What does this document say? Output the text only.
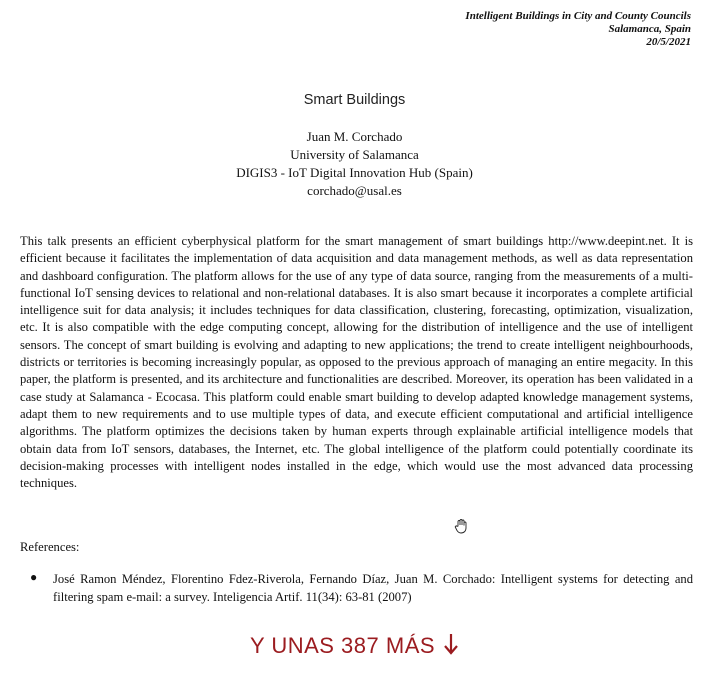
Intelligent Buildings in City and County Councils
Salamanca, Spain
20/5/2021
Smart Buildings
Juan M. Corchado
University of Salamanca
DIGIS3 - IoT Digital Innovation Hub (Spain)
corchado@usal.es

This talk presents an efficient cyberphysical platform for the smart management of smart buildings http://www.deepint.net. It is efficient because it facilitates the implementation of data acquisition and data management methods, as well as data representation and dashboard configuration. The platform allows for the use of any type of data source, ranging from the measurements of a multi-functional IoT sensing devices to relational and non-relational databases. It is also smart because it incorporates a complete artificial intelligence suit for data analysis; it includes techniques for data classification, clustering, forecasting, optimization, visualization, etc. It is also compatible with the edge computing concept, allowing for the distribution of intelligence and the use of intelligent sensors. The concept of smart building is evolving and adapting to new applications; the trend to create intelligent neighbourhoods, districts or territories is becoming increasingly popular, as opposed to the previous approach of managing an entire megacity. In this paper, the platform is presented, and its architecture and functionalities are described. Moreover, its operation has been validated in a case study at Salamanca - Ecocasa. This platform could enable smart building to develop adapted knowledge management systems, adapt them to new requirements and to use multiple types of data, and execute efficient computational and artificial intelligence algorithms. The platform optimizes the decisions taken by human experts through explainable artificial intelligence models that obtain data from IoT sensors, databases, the Internet, etc. The global intelligence of the platform could potentially coordinate its decision-making processes with intelligent nodes installed in the edge, which would use the most advanced data processing techniques.

References:
● José Ramon Méndez, Florentino Fdez-Riverola, Fernando Díaz, Juan M. Corchado: Intelligent systems for detecting and filtering spam e-mail: a survey. Inteligencia Artif. 11(34): 63-81 (2007)
Y UNAS 387 MÁS
